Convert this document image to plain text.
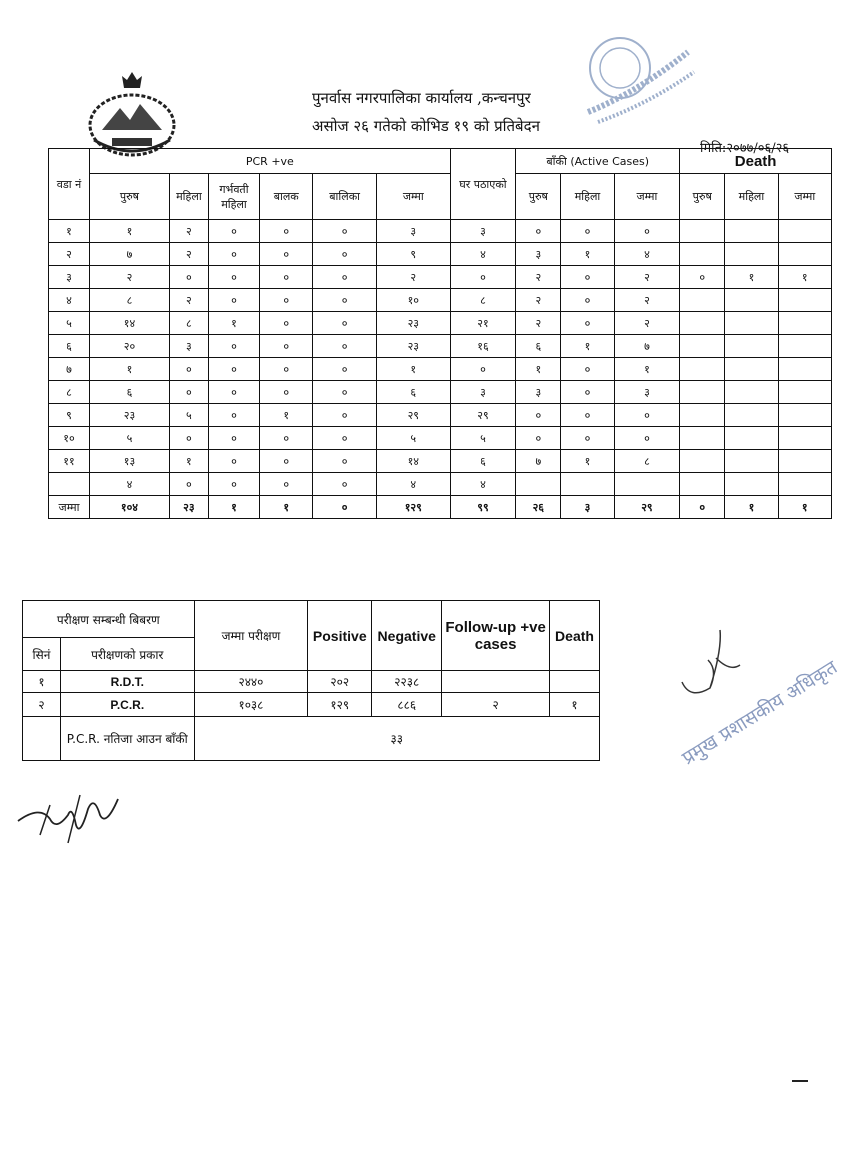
पुनर्वास नगरपालिका कार्यालय ,कन्चनपुर
असोज २६ गतेको कोभिड १९ को प्रतिबेदन
मिति:२०७७/०६/२६
वडा नं	PCR +ve						घर पठाएको	बाँकी (Active Cases)			Death		
	पुरुष	महिला	गर्भवती महिला	बालक	बालिका	जम्मा		पुरुष	महिला	जम्मा	पुरुष	महिला	जम्मा
१	१	२	०	०	०	३	३	०	०	०			
२	७	२	०	०	०	९	४	३	१	४			
३	२	०	०	०	०	२	०	२	०	२	०	१	१
४	८	२	०	०	०	१०	८	२	०	२			
५	१४	८	१	०	०	२३	२१	२	०	२			
६	२०	३	०	०	०	२३	१६	६	१	७			
७	१	०	०	०	०	१	०	१	०	१			
८	६	०	०	०	०	६	३	३	०	३			
९	२३	५	०	१	०	२९	२९	०	०	०			
१०	५	०	०	०	०	५	५	०	०	०			
११	१३	१	०	०	०	१४	६	७	१	८			
	४	०	०	०	०	४	४						
जम्मा	१०४	२३	१	१	०	१२९	९९	२६	३	२९	०	१	१
परीक्षण सम्बन्धी बिबरण		जम्मा परीक्षण	Positive	Negative	Follow-up +ve cases	Death
सिनं	परीक्षणको प्रकार					
१	R.D.T.	२४४०	२०२	२२३८		
२	P.C.R.	१०३८	१२९	८८६	२	१
	P.C.R. नतिजा आउन बाँकी	३३					प्रमुख प्रशासकीय अधिकृत
